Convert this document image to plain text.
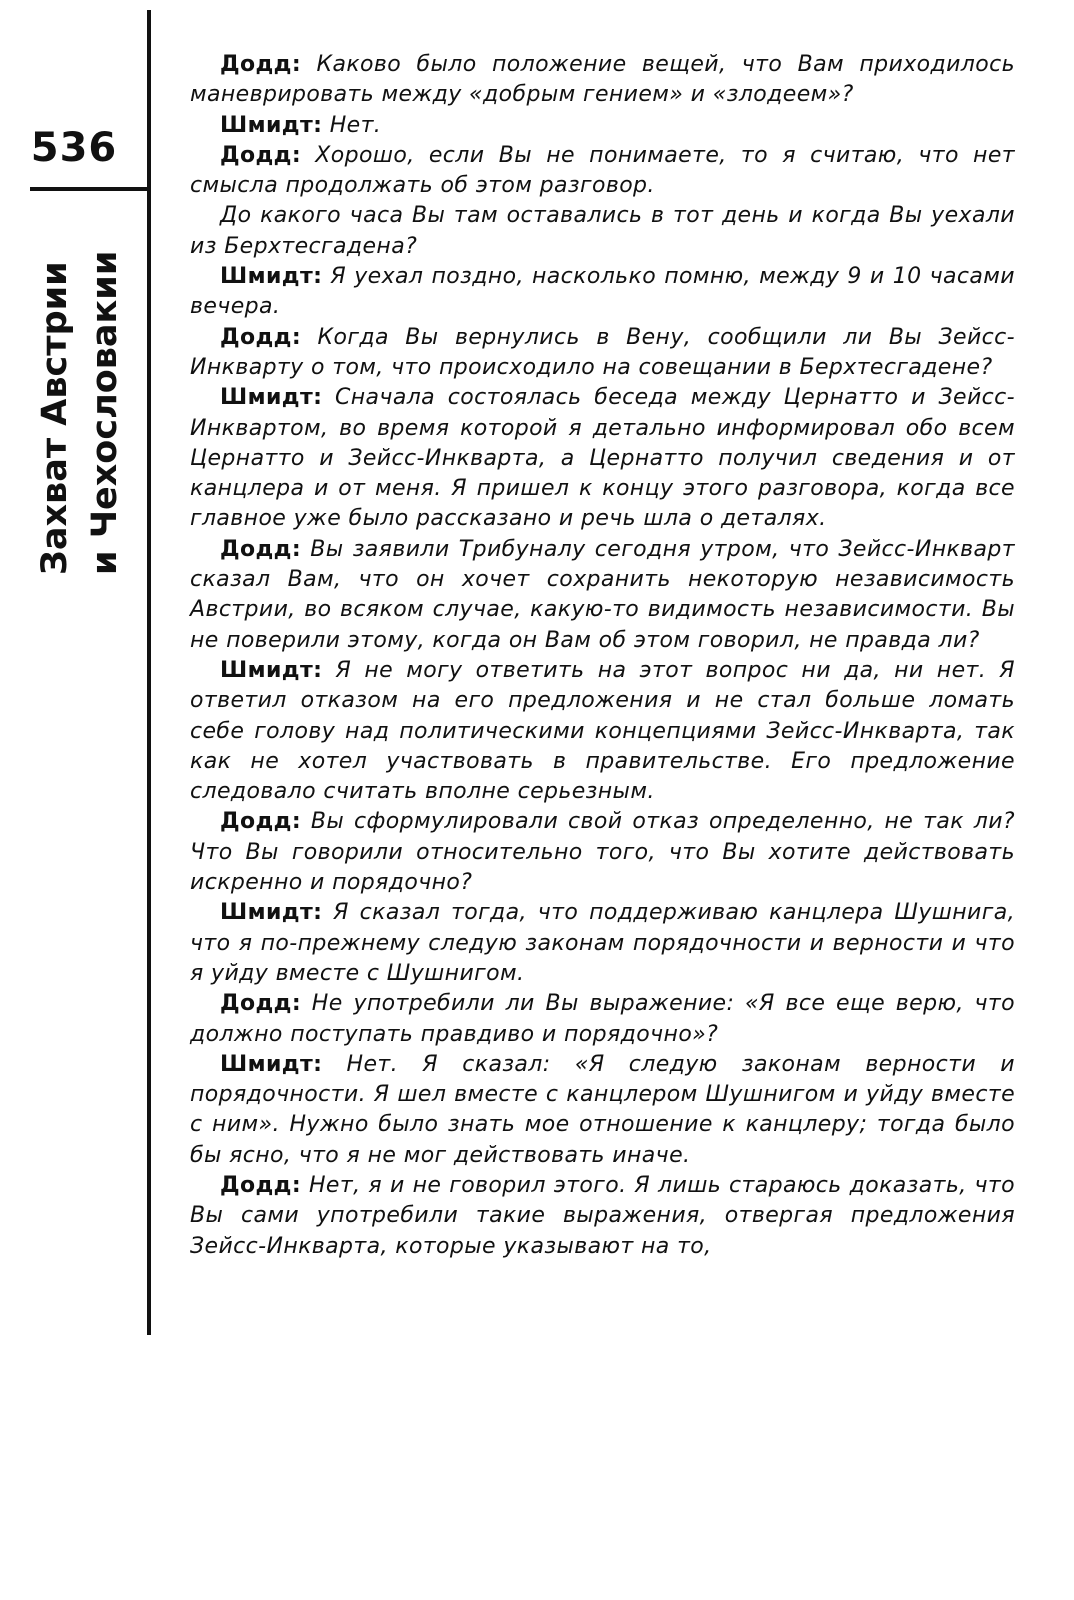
536
Захват Австрии и Чехословакии

Додд: Каково было положение вещей, что Вам приходилось маневрировать между «добрым гением» и «злодеем»?

Шмидт: Нет.

Додд: Хорошо, если Вы не понимаете, то я считаю, что нет смысла продолжать об этом разговор.

До какого часа Вы там оставались в тот день и когда Вы уехали из Берхтесгадена?

Шмидт: Я уехал поздно, насколько помню, между 9 и 10 часами вечера.

Додд: Когда Вы вернулись в Вену, сообщили ли Вы Зейсс-Инкварту о том, что происходило на совещании в Берхтесгадене?

Шмидт: Сначала состоялась беседа между Цернатто и Зейсс-Инквартом, во время которой я детально информировал обо всем Цернатто и Зейсс-Инкварта, а Цернатто получил сведения и от канцлера и от меня. Я пришел к концу этого разговора, когда все главное уже было рассказано и речь шла о деталях.

Додд: Вы заявили Трибуналу сегодня утром, что Зейсс-Инкварт сказал Вам, что он хочет сохранить некоторую независимость Австрии, во всяком случае, какую-то видимость независимости. Вы не поверили этому, когда он Вам об этом говорил, не правда ли?

Шмидт: Я не могу ответить на этот вопрос ни да, ни нет. Я ответил отказом на его предложения и не стал больше ломать себе голову над политическими концепциями Зейсс-Инкварта, так как не хотел участвовать в правительстве. Его предложение следовало считать вполне серьезным.

Додд: Вы сформулировали свой отказ определенно, не так ли? Что Вы говорили относительно того, что Вы хотите действовать искренно и порядочно?

Шмидт: Я сказал тогда, что поддерживаю канцлера Шушнига, что я по-прежнему следую законам порядочности и верности и что я уйду вместе с Шушнигом.

Додд: Не употребили ли Вы выражение: «Я все еще верю, что должно поступать правдиво и порядочно»?

Шмидт: Нет. Я сказал: «Я следую законам верности и порядочности. Я шел вместе с канцлером Шушнигом и уйду вместе с ним». Нужно было знать мое отношение к канцлеру; тогда было бы ясно, что я не мог действовать иначе.

Додд: Нет, я и не говорил этого. Я лишь стараюсь доказать, что Вы сами употребили такие выражения, отвергая предложения Зейсс-Инкварта, которые указывают на то,
